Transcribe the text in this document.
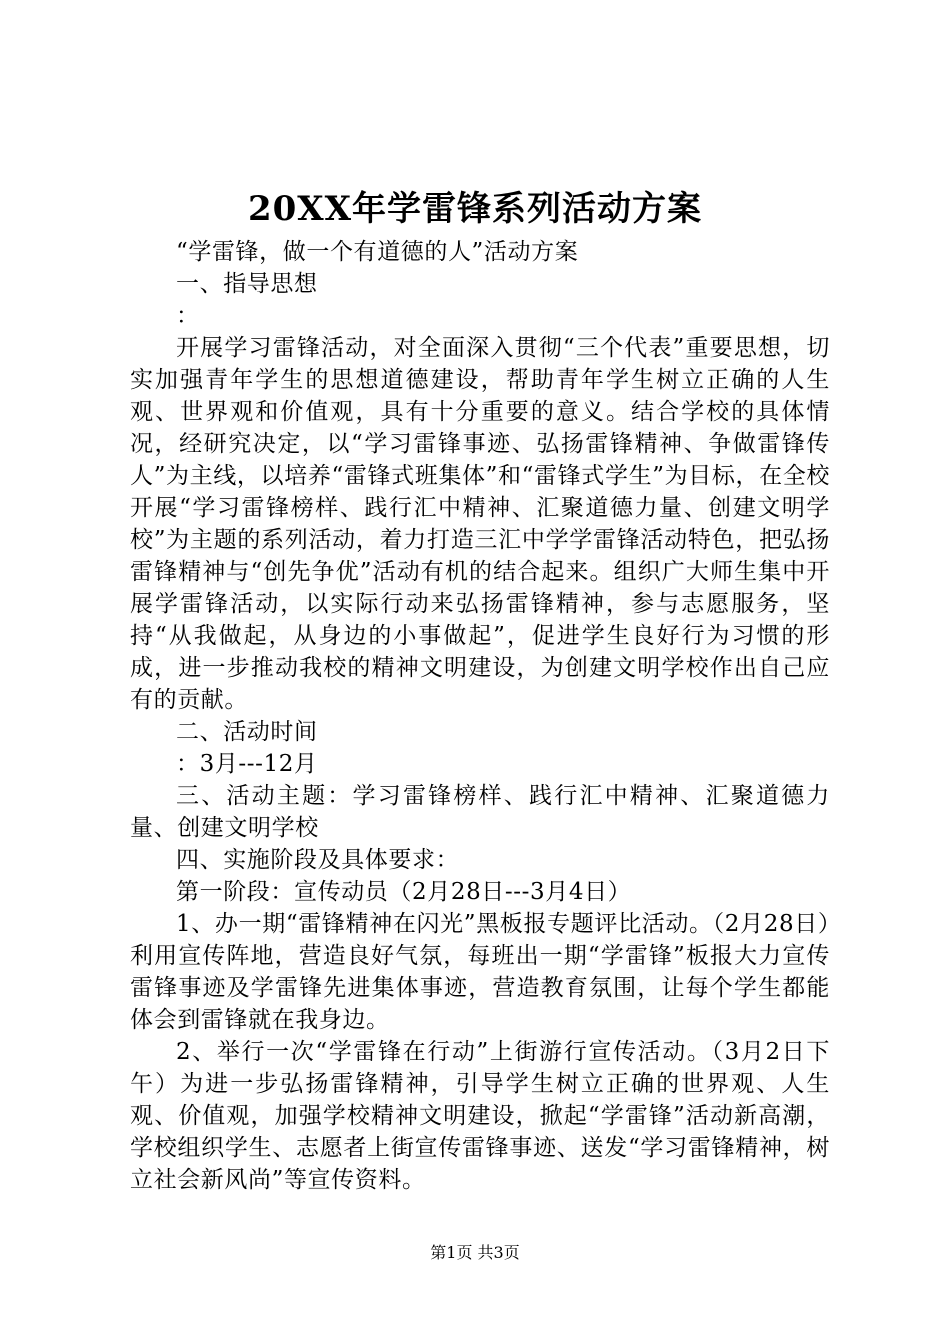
20XX年学雷锋系列活动方案

“学雷锋，做一个有道德的人”活动方案

一、指导思想

：

开展学习雷锋活动，对全面深入贯彻“三个代表”重要思想，切实加强青年学生的思想道德建设，帮助青年学生树立正确的人生观、世界观和价值观，具有十分重要的意义。结合学校的具体情况，经研究决定，以“学习雷锋事迹、弘扬雷锋精神、争做雷锋传人”为主线，以培养“雷锋式班集体”和“雷锋式学生”为目标，在全校开展“学习雷锋榜样、践行汇中精神、汇聚道德力量、创建文明学校”为主题的系列活动，着力打造三汇中学学雷锋活动特色，把弘扬雷锋精神与“创先争优”活动有机的结合起来。组织广大师生集中开展学雷锋活动，以实际行动来弘扬雷锋精神，参与志愿服务，坚持“从我做起，从身边的小事做起”，促进学生良好行为习惯的形成，进一步推动我校的精神文明建设，为创建文明学校作出自己应有的贡献。

二、活动时间

：3月---12月

三、活动主题：学习雷锋榜样、践行汇中精神、汇聚道德力量、创建文明学校

四、实施阶段及具体要求：

第一阶段：宣传动员（2月28日---3月4日）

1、办一期“雷锋精神在闪光”黑板报专题评比活动。（2月28日）利用宣传阵地，营造良好气氛，每班出一期“学雷锋”板报大力宣传雷锋事迹及学雷锋先进集体事迹，营造教育氛围，让每个学生都能体会到雷锋就在我身边。

2、举行一次“学雷锋在行动”上街游行宣传活动。（3月2日下午）为进一步弘扬雷锋精神，引导学生树立正确的世界观、人生观、价值观，加强学校精神文明建设，掀起“学雷锋”活动新高潮，学校组织学生、志愿者上街宣传雷锋事迹、送发“学习雷锋精神，树立社会新风尚”等宣传资料。

第1页 共3页
